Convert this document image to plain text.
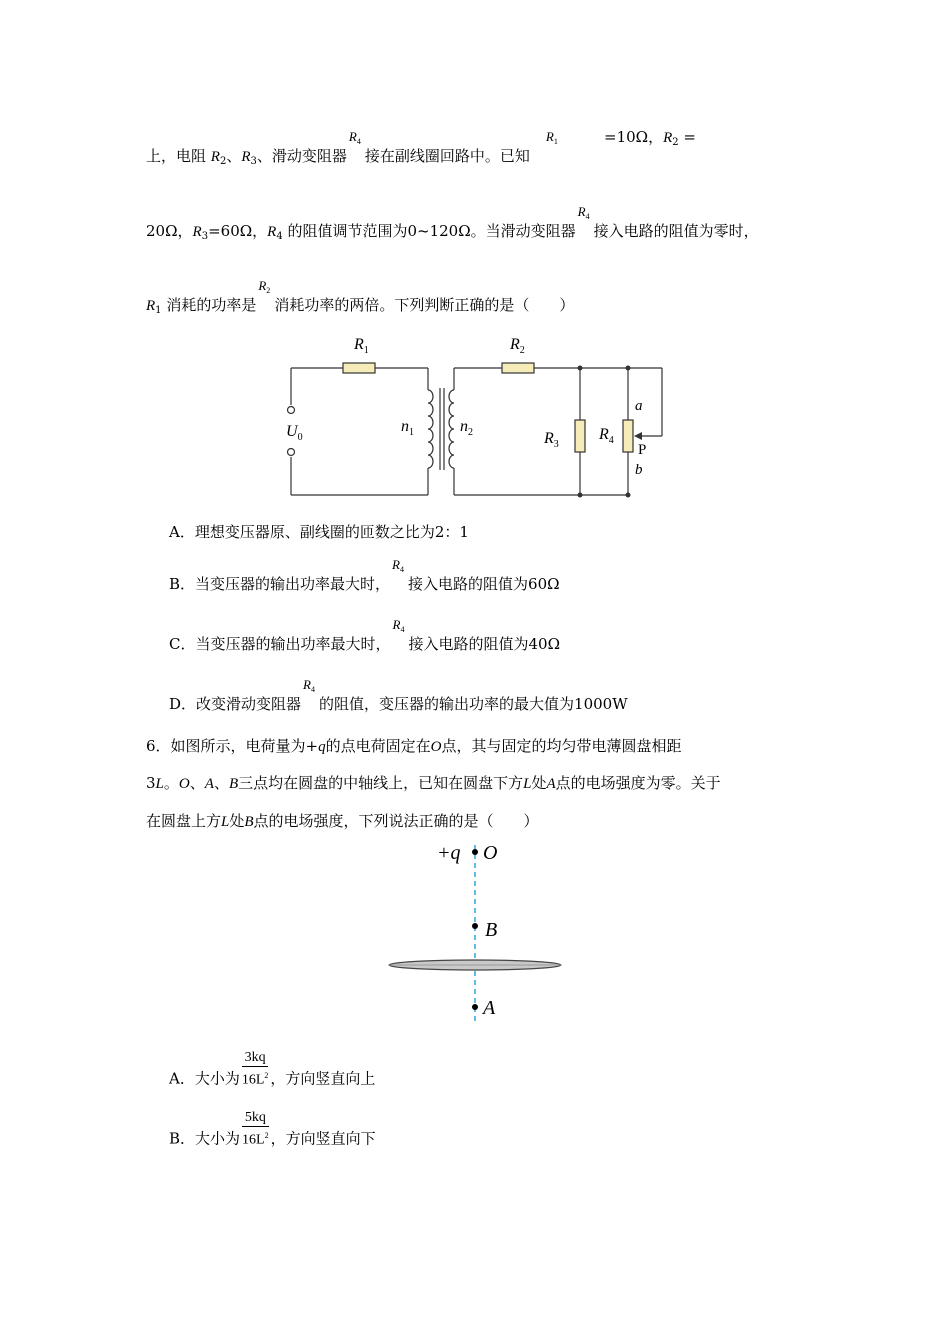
上，电阻 $R_2$、$R_3$、滑动变阻器
$R_4$
接在副线圈回路中。已知
$R_1$	=10Ω，$R_2$ =
20Ω，$R_3=60\Omega$，$R_4$ 的阻值调节范围为0~120Ω。当滑动变阻器
$R_4$
接入电路的阻值为零时，
$R_1$ 消耗的功率是
$R_2$
消耗功率的两倍。下列判断正确的是（　　）
$R_1$	$R_2$
$R_3$
$R_4$
$U_0$
$n_1$	$n_2$
a
P
b
A．理想变压器原、副线圈的匝数之比为2：1
B．当变压器的输出功率最大时，
$R_4$
接入电路的阻值为60Ω
C．当变压器的输出功率最大时，
$R_4$
接入电路的阻值为40Ω
D．改变滑动变阻器
$R_4$
的阻值，变压器的输出功率的最大值为1000W
6．如图所示，电荷量为+q的点电荷固定在O点，其与固定的均匀带电薄圆盘相距
3L。O、A、B三点均在圆盘的中轴线上，已知在圆盘下方L处A点的电场强度为零。关于
在圆盘上方L处B点的电场强度，下列说法正确的是（　　）
+q O
B
A
A．大小为 $\frac{3kq}{16L^2}$ ，方向竖直向上
B．大小为 $\frac{5kq}{16L^2}$ ，方向竖直向下
